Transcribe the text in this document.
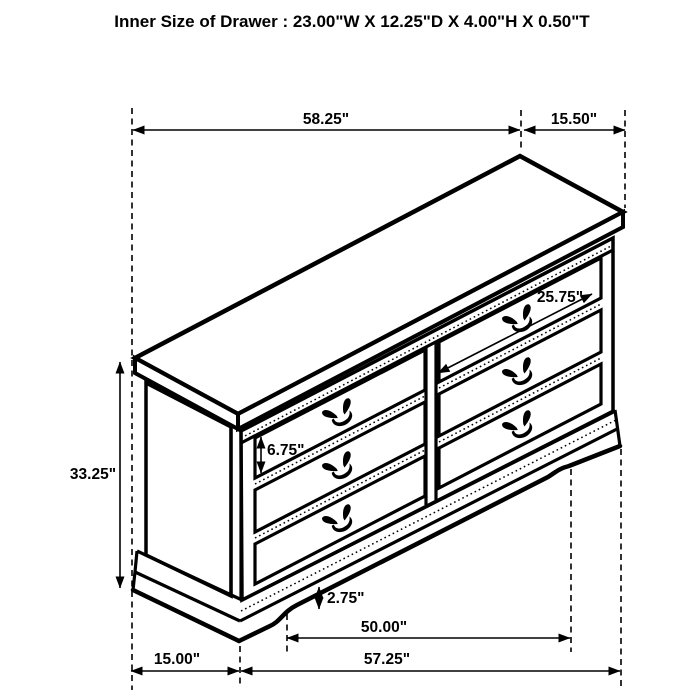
Inner Size of Drawer : 23.00"W X 12.25"D X 4.00"H X 0.50"T
58.25"	15.50"
33.25"
25.75"
6.75"
2.75"
50.00"
15.00"	57.25"
